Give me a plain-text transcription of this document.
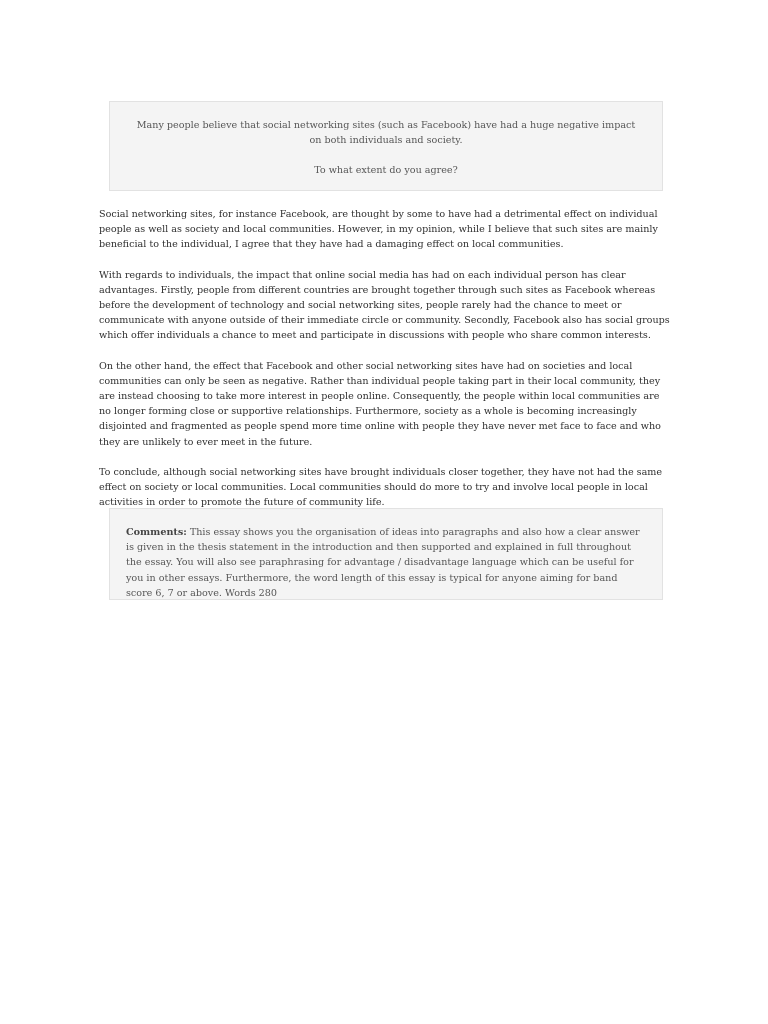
Many people believe that social networking sites (such as Facebook) have had a huge negative impact on both individuals and society.

To what extent do you agree?

Social networking sites, for instance Facebook, are thought by some to have had a detrimental effect on individual people as well as society and local communities. However, in my opinion, while I believe that such sites are mainly beneficial to the individual, I agree that they have had a damaging effect on local communities.

With regards to individuals, the impact that online social media has had on each individual person has clear advantages. Firstly, people from different countries are brought together through such sites as Facebook whereas before the development of technology and social networking sites, people rarely had the chance to meet or communicate with anyone outside of their immediate circle or community. Secondly, Facebook also has social groups which offer individuals a chance to meet and participate in discussions with people who share common interests.

On the other hand, the effect that Facebook and other social networking sites have had on societies and local communities can only be seen as negative. Rather than individual people taking part in their local community, they are instead choosing to take more interest in people online. Consequently, the people within local communities are no longer forming close or supportive relationships. Furthermore, society as a whole is becoming increasingly disjointed and fragmented as people spend more time online with people they have never met face to face and who they are unlikely to ever meet in the future.

To conclude, although social networking sites have brought individuals closer together, they have not had the same effect on society or local communities. Local communities should do more to try and involve local people in local activities in order to promote the future of community life.

Comments: This essay shows you the organisation of ideas into paragraphs and also how a clear answer is given in the thesis statement in the introduction and then supported and explained in full throughout the essay. You will also see paraphrasing for advantage / disadvantage language which can be useful for you in other essays. Furthermore, the word length of this essay is typical for anyone aiming for band score 6, 7 or above. Words 280
